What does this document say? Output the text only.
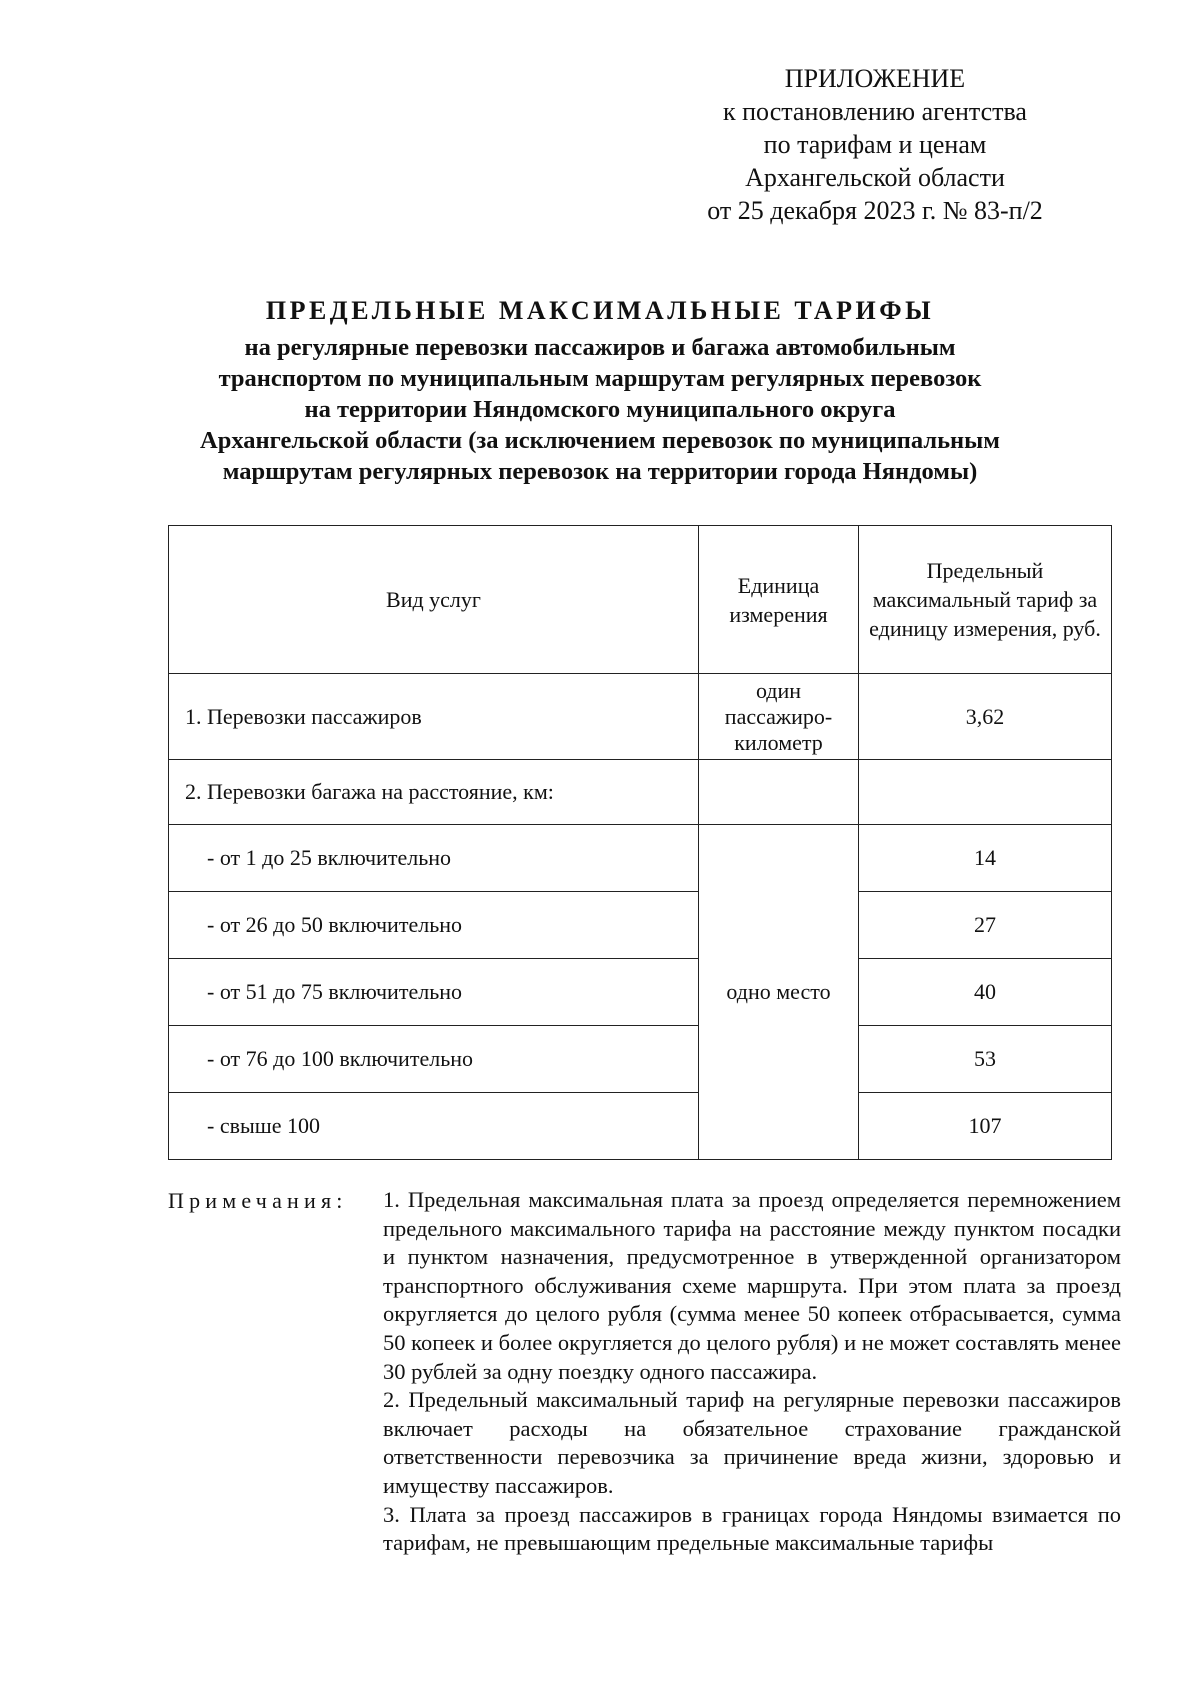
ПРИЛОЖЕНИЕ
к постановлению агентства
по тарифам и ценам
Архангельской области
от 25 декабря 2023 г. № 83-п/2
ПРЕДЕЛЬНЫЕ МАКСИМАЛЬНЫЕ ТАРИФЫ
на регулярные перевозки пассажиров и багажа автомобильным
транспортом по муниципальным маршрутам регулярных перевозок
на территории Няндомского муниципального округа
Архангельской области (за исключением перевозок по муниципальным
маршрутам регулярных перевозок на территории города Няндомы)
Вид услуг	Единица измерения	Предельный максимальный тариф за единицу измерения, руб.
1. Перевозки пассажиров	один пассажиро-километр	3,62
2. Перевозки багажа на расстояние, км:		
- от 1 до 25 включительно	одно место	14
- от 26 до 50 включительно		27
- от 51 до 75 включительно		40
- от 76 до 100 включительно		53
- свыше 100		107
Примечания: 1. Предельная максимальная плата за проезд определяется перемножением предельного максимального тарифа на расстояние между пунктом посадки и пунктом назначения, предусмотренное в утвержденной организатором транспортного обслуживания схеме маршрута. При этом плата за проезд округляется до целого рубля (сумма менее 50 копеек отбрасывается, сумма 50 копеек и более округляется до целого рубля) и не может составлять менее 30 рублей за одну поездку одного пассажира.

2. Предельный максимальный тариф на регулярные перевозки пассажиров включает расходы на обязательное страхование гражданской ответственности перевозчика за причинение вреда жизни, здоровью и имуществу пассажиров.

3. Плата за проезд пассажиров в границах города Няндомы взимается по тарифам, не превышающим предельные максимальные тарифы
